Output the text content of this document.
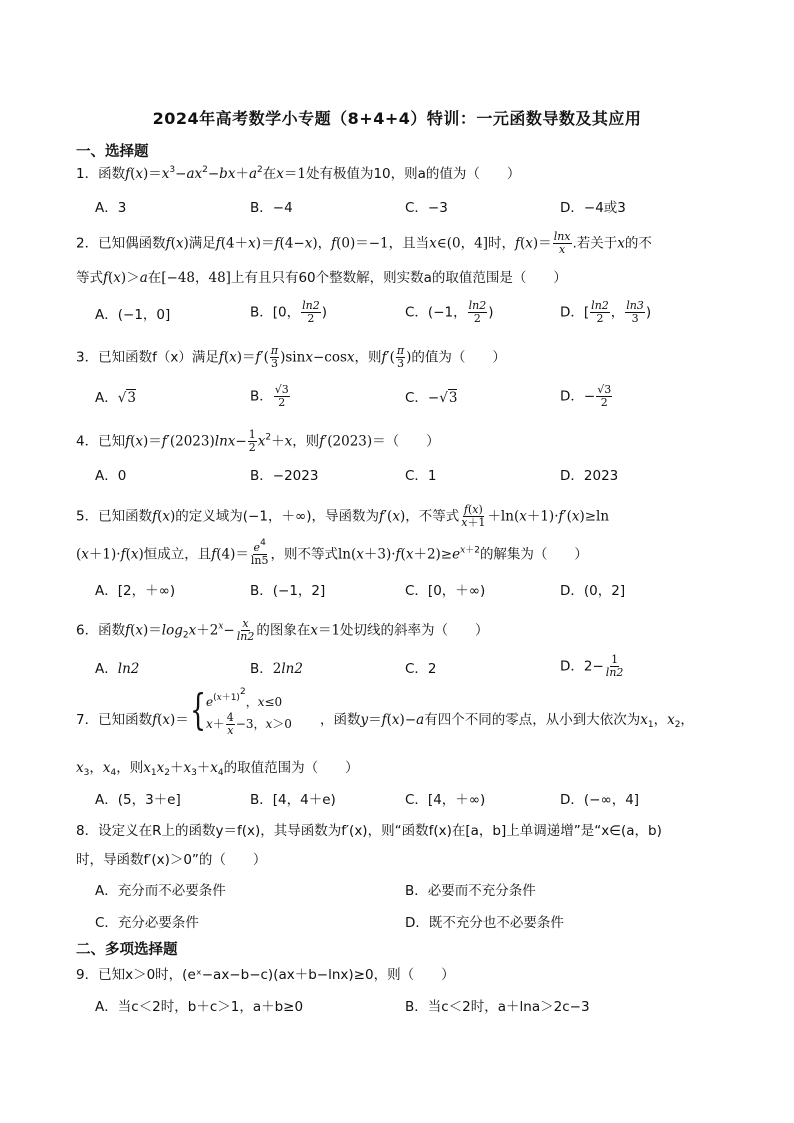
2024年高考数学小专题（8+4+4）特训：一元函数导数及其应用
一、选择题
1．函数$f(x)=x^3-ax^2-bx+a^2$在x＝1处有极值为10，则a的值为（　　）
A．3	B．−4	C．−3	D．−4或3
2．已知偶函数f(x)满足f(4＋x)＝f(4−x)，f(0)＝−1，且当x∈(0，4]时，$f(x)= \frac{\ln x}{x}$ .若关于x的不
等式f(x)＞a在[−48，48]上有且只有60个整数解，则实数a的取值范围是（　　）
A．(−1，0]	B．[0， $\frac{\ln 2}{2}$ )	C．(−1， $\frac{\ln 2}{2}$ )	D．[ $\frac{\ln 2}{2}$ ， $\frac{\ln 3}{3}$ )
3．已知函数f（x）满足$f(x)=f'( \frac{\pi}{3} )\sin x-\cos x$，则$f'( \frac{\pi}{3}$ )的值为（　　）
A．√3	B． $\frac{√3}{2}$	C．−√3	D．− $\frac{√3}{2}$
4．已知$f(x)=f'(2023)\ln x- \frac{1}{2} x^2+x$，则f′(2023)＝（　　）
A．0	B．−2023	C．1	D．2023
5．已知函数f(x)的定义域为(−1，＋∞)，导函数为f′(x)，不等式 $\frac{f(x)}{x+1} +\ln(x+1)\cdot f'(x)\ge\ln$
(x＋1)·f(x)恒成立，且$f(4)= \frac{e^4}{\ln 5}$ ，则不等式$\ln(x+3)\cdot f(x+2)\ge e^{x+2}$的解集为（　　）
A．[2，＋∞)	B．(−1，2]	C．[0，＋∞)	D．(0，2]
6．函数$f(x)=\log_2x+2^x- \frac{x}{\ln 2}$ 的图象在x＝1处切线的斜率为（　　）
A．ln2	B．2ln2	C．2	D．$2- \frac{1}{\ln 2}$
7．已知函数f(x)＝ { $e^{(x+1)^2}$，x≤0
$x+ \frac{4}{x} -3$，x＞0 ，函数y＝f(x)−a有四个不同的零点，从小到大依次为$x_1$，$x_2$，
$x_3$，$x_4$，则$x_1x_2+x_3+x_4$的取值范围为（　　）
A．(5，3＋e]	B．[4，4＋e)	C．[4，＋∞)	D．(−∞，4]
8．设定义在R上的函数y＝f(x)，其导函数为f′(x)，则“函数f(x)在[a，b]上单调递增”是“x∈(a，b)
时，导函数f′(x)＞0”的（　　）
A．充分而不必要条件	B．必要而不充分条件
C．充分必要条件	D．既不充分也不必要条件
二、多项选择题
9．已知x＞0时，(eˣ−ax−b−c)(ax＋b−lnx)≥0，则（　　）
A．当c＜2时，b＋c＞1，a＋b≥0	B．当c＜2时，a＋lna＞2c−3
